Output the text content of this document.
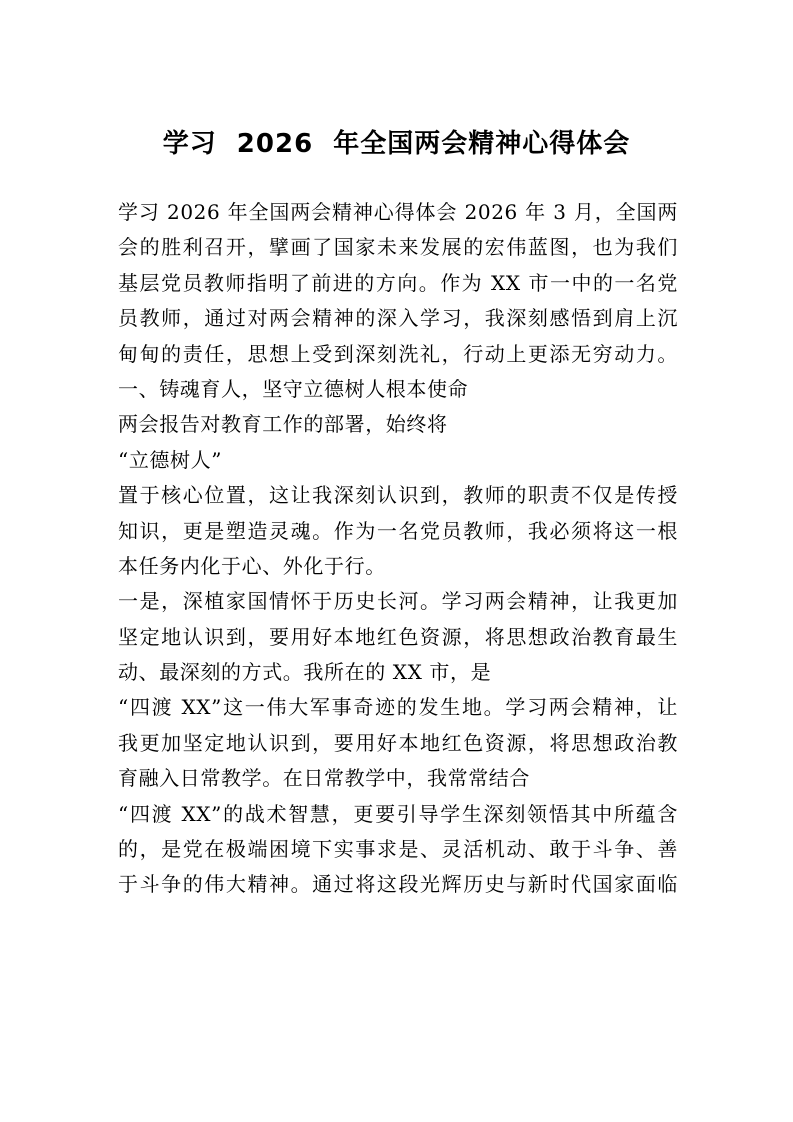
学习  2026  年全国两会精神心得体会
学习 2026 年全国两会精神心得体会 2026 年 3 月，全国两
会的胜利召开，擘画了国家未来发展的宏伟蓝图，也为我们
基层党员教师指明了前进的方向。作为 XX 市一中的一名党
员教师，通过对两会精神的深入学习，我深刻感悟到肩上沉
甸甸的责任，思想上受到深刻洗礼，行动上更添无穷动力。
一、铸魂育人，坚守立德树人根本使命
两会报告对教育工作的部署，始终将
“立德树人”
置于核心位置，这让我深刻认识到，教师的职责不仅是传授
知识，更是塑造灵魂。作为一名党员教师，我必须将这一根
本任务内化于心、外化于行。
一是，深植家国情怀于历史长河。学习两会精神，让我更加
坚定地认识到，要用好本地红色资源，将思想政治教育最生
动、最深刻的方式。我所在的 XX 市，是
“四渡 XX”这一伟大军事奇迹的发生地。学习两会精神，让
我更加坚定地认识到，要用好本地红色资源，将思想政治教
育融入日常教学。在日常教学中，我常常结合
“四渡 XX”的战术智慧，更要引导学生深刻领悟其中所蕴含
的，是党在极端困境下实事求是、灵活机动、敢于斗争、善
于斗争的伟大精神。通过将这段光辉历史与新时代国家面临
